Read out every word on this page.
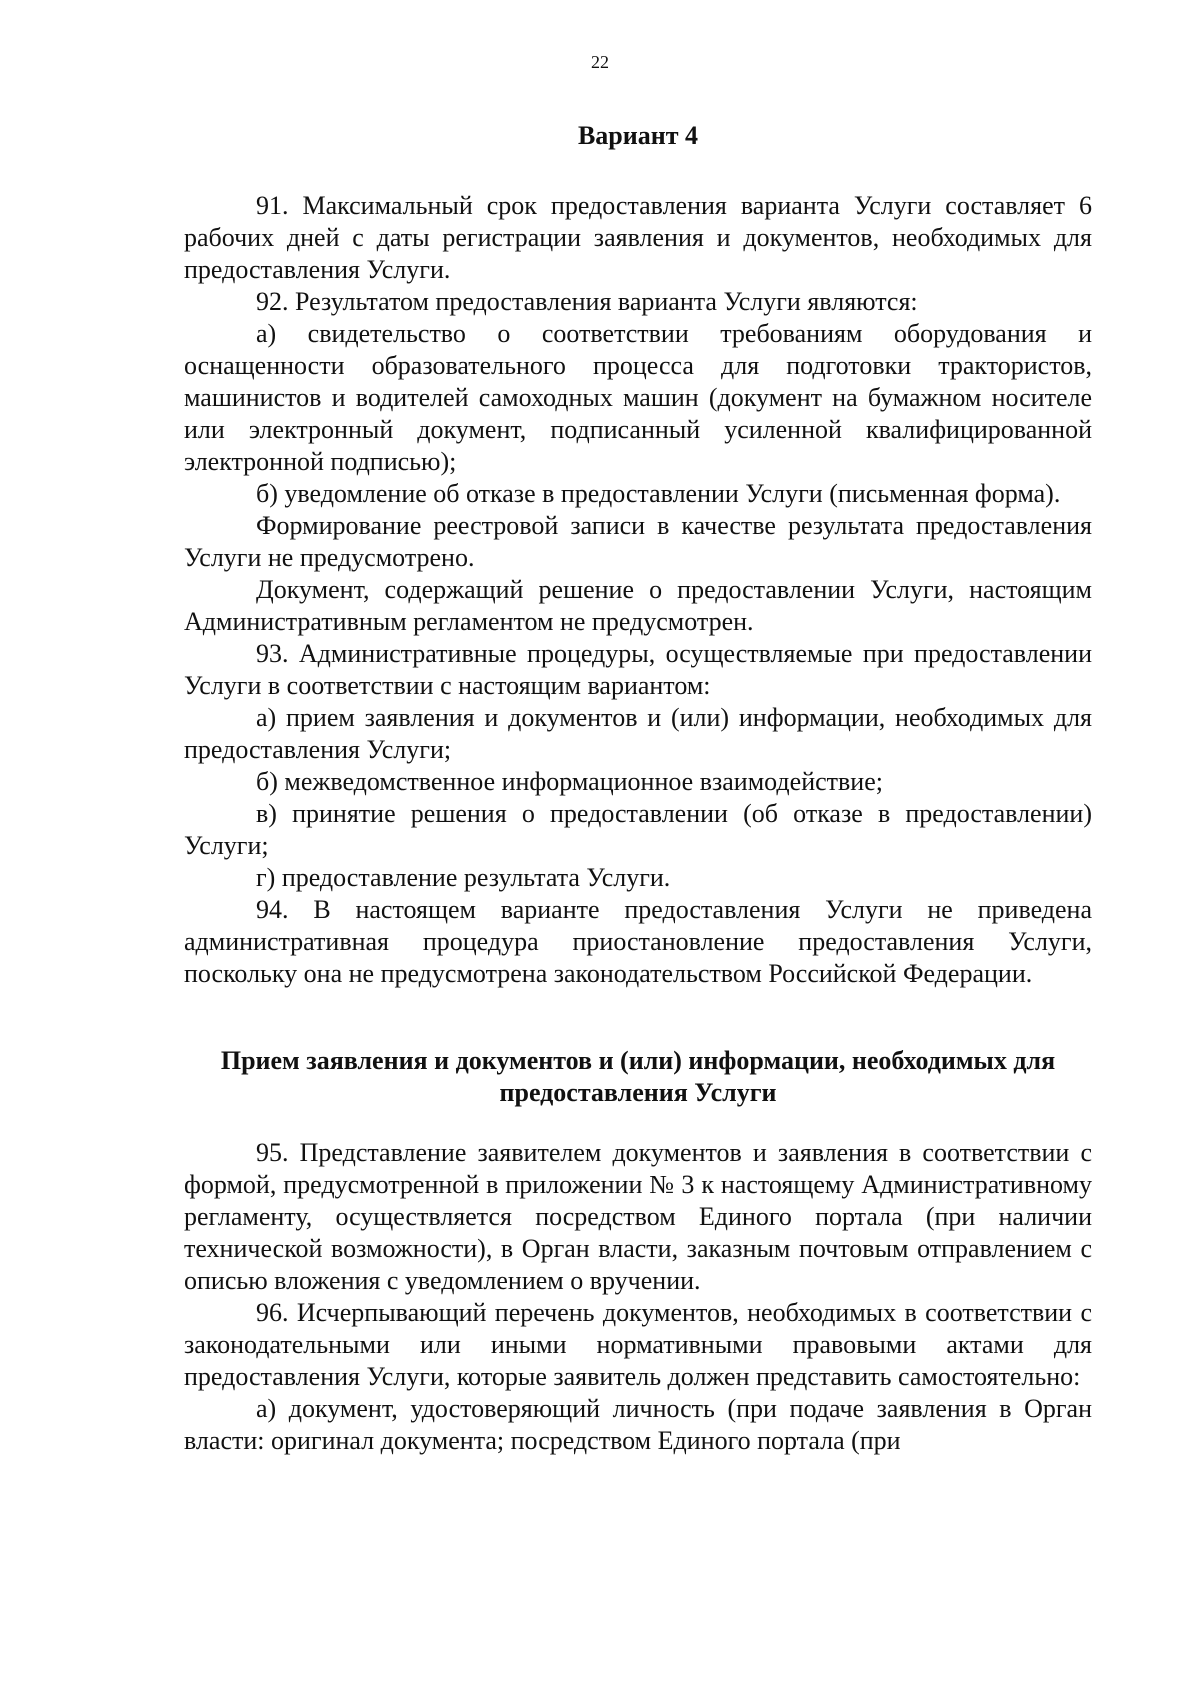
22

Вариант 4

91. Максимальный срок предоставления варианта Услуги составляет 6 рабочих дней с даты регистрации заявления и документов, необходимых для предоставления Услуги.

92. Результатом предоставления варианта Услуги являются:

а) свидетельство о соответствии требованиям оборудования и оснащенности образовательного процесса для подготовки трактористов, машинистов и водителей самоходных машин (документ на бумажном носителе или электронный документ, подписанный усиленной квалифицированной электронной подписью);

б) уведомление об отказе в предоставлении Услуги (письменная форма).

Формирование реестровой записи в качестве результата предоставления Услуги не предусмотрено.

Документ, содержащий решение о предоставлении Услуги, настоящим Административным регламентом не предусмотрен.

93. Административные процедуры, осуществляемые при предоставлении Услуги в соответствии с настоящим вариантом:

а) прием заявления и документов и (или) информации, необходимых для предоставления Услуги;

б) межведомственное информационное взаимодействие;

в) принятие решения о предоставлении (об отказе в предоставлении) Услуги;

г) предоставление результата Услуги.

94. В настоящем варианте предоставления Услуги не приведена административная процедура приостановление предоставления Услуги, поскольку она не предусмотрена законодательством Российской Федерации.

Прием заявления и документов и (или) информации, необходимых для предоставления Услуги

95. Представление заявителем документов и заявления в соответствии с формой, предусмотренной в приложении № 3 к настоящему Административному регламенту, осуществляется посредством Единого портала (при наличии технической возможности), в Орган власти, заказным почтовым отправлением с описью вложения с уведомлением о вручении.

96. Исчерпывающий перечень документов, необходимых в соответствии с законодательными или иными нормативными правовыми актами для предоставления Услуги, которые заявитель должен представить самостоятельно:

а) документ, удостоверяющий личность (при подаче заявления в Орган власти: оригинал документа; посредством Единого портала (при
